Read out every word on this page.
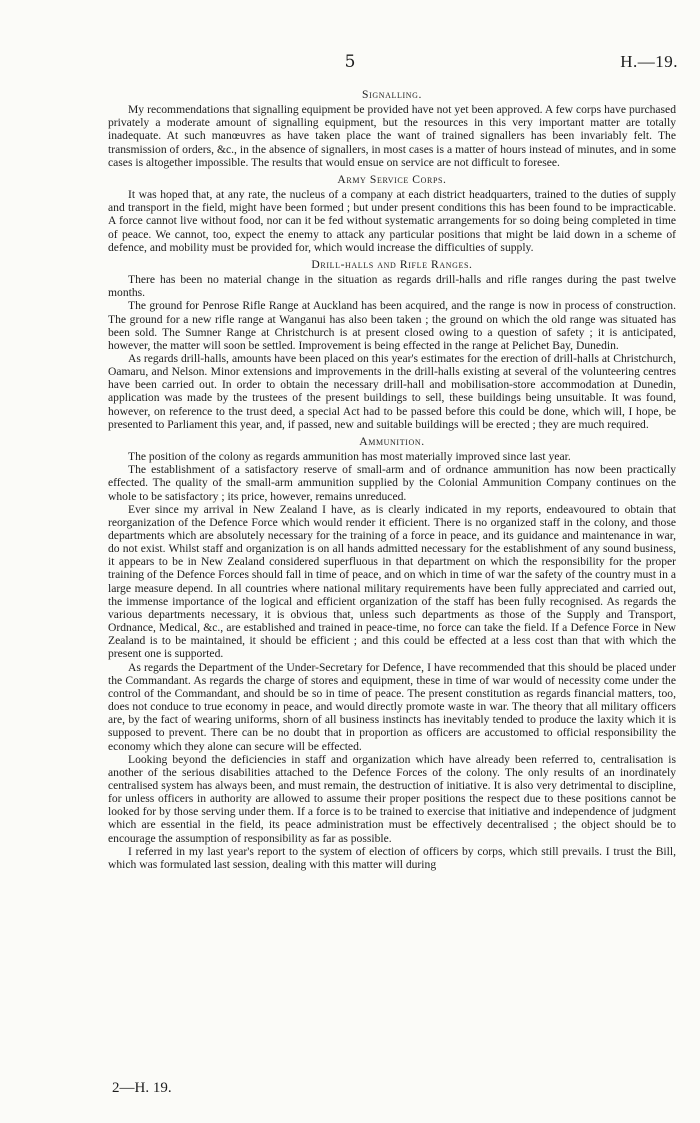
5	H.—19.
Signalling.

My recommendations that signalling equipment be provided have not yet been approved. A few corps have purchased privately a moderate amount of signalling equipment, but the resources in this very important matter are totally inadequate. At such manœuvres as have taken place the want of trained signallers has been invariably felt. The transmission of orders, &c., in the absence of signallers, in most cases is a matter of hours instead of minutes, and in some cases is altogether impossible. The results that would ensue on service are not difficult to foresee.

Army Service Corps.

It was hoped that, at any rate, the nucleus of a company at each district headquarters, trained to the duties of supply and transport in the field, might have been formed ; but under present conditions this has been found to be impracticable. A force cannot live without food, nor can it be fed without systematic arrangements for so doing being completed in time of peace. We cannot, too, expect the enemy to attack any particular positions that might be laid down in a scheme of defence, and mobility must be provided for, which would increase the difficulties of supply.

Drill-halls and Rifle Ranges.

There has been no material change in the situation as regards drill-halls and rifle ranges during the past twelve months.

The ground for Penrose Rifle Range at Auckland has been acquired, and the range is now in process of construction. The ground for a new rifle range at Wanganui has also been taken ; the ground on which the old range was situated has been sold. The Sumner Range at Christchurch is at present closed owing to a question of safety ; it is anticipated, however, the matter will soon be settled. Improvement is being effected in the range at Pelichet Bay, Dunedin.

As regards drill-halls, amounts have been placed on this year's estimates for the erection of drill-halls at Christchurch, Oamaru, and Nelson. Minor extensions and improvements in the drill-halls existing at several of the volunteering centres have been carried out. In order to obtain the necessary drill-hall and mobilisation-store accommodation at Dunedin, application was made by the trustees of the present buildings to sell, these buildings being unsuitable. It was found, however, on reference to the trust deed, a special Act had to be passed before this could be done, which will, I hope, be presented to Parliament this year, and, if passed, new and suitable buildings will be erected ; they are much required.

Ammunition.

The position of the colony as regards ammunition has most materially improved since last year.

The establishment of a satisfactory reserve of small-arm and of ordnance ammunition has now been practically effected. The quality of the small-arm ammunition supplied by the Colonial Ammunition Company continues on the whole to be satisfactory ; its price, however, remains unreduced.

Ever since my arrival in New Zealand I have, as is clearly indicated in my reports, endeavoured to obtain that reorganization of the Defence Force which would render it efficient. There is no organized staff in the colony, and those departments which are absolutely necessary for the training of a force in peace, and its guidance and maintenance in war, do not exist. Whilst staff and organization is on all hands admitted necessary for the establishment of any sound business, it appears to be in New Zealand considered superfluous in that department on which the responsibility for the proper training of the Defence Forces should fall in time of peace, and on which in time of war the safety of the country must in a large measure depend. In all countries where national military requirements have been fully appreciated and carried out, the immense importance of the logical and efficient organization of the staff has been fully recognised. As regards the various departments necessary, it is obvious that, unless such departments as those of the Supply and Transport, Ordnance, Medical, &c., are established and trained in peace-time, no force can take the field. If a Defence Force in New Zealand is to be maintained, it should be efficient ; and this could be effected at a less cost than that with which the present one is supported.

As regards the Department of the Under-Secretary for Defence, I have recommended that this should be placed under the Commandant. As regards the charge of stores and equipment, these in time of war would of necessity come under the control of the Commandant, and should be so in time of peace. The present constitution as regards financial matters, too, does not conduce to true economy in peace, and would directly promote waste in war. The theory that all military officers are, by the fact of wearing uniforms, shorn of all business instincts has inevitably tended to produce the laxity which it is supposed to prevent. There can be no doubt that in proportion as officers are accustomed to official responsibility the economy which they alone can secure will be effected.

Looking beyond the deficiencies in staff and organization which have already been referred to, centralisation is another of the serious disabilities attached to the Defence Forces of the colony. The only results of an inordinately centralised system has always been, and must remain, the destruction of initiative. It is also very detrimental to discipline, for unless officers in authority are allowed to assume their proper positions the respect due to these positions cannot be looked for by those serving under them. If a force is to be trained to exercise that initiative and independence of judgment which are essential in the field, its peace administration must be effectively decentralised ; the object should be to encourage the assumption of responsibility as far as possible.

I referred in my last year's report to the system of election of officers by corps, which still prevails. I trust the Bill, which was formulated last session, dealing with this matter will during

2—H. 19.
